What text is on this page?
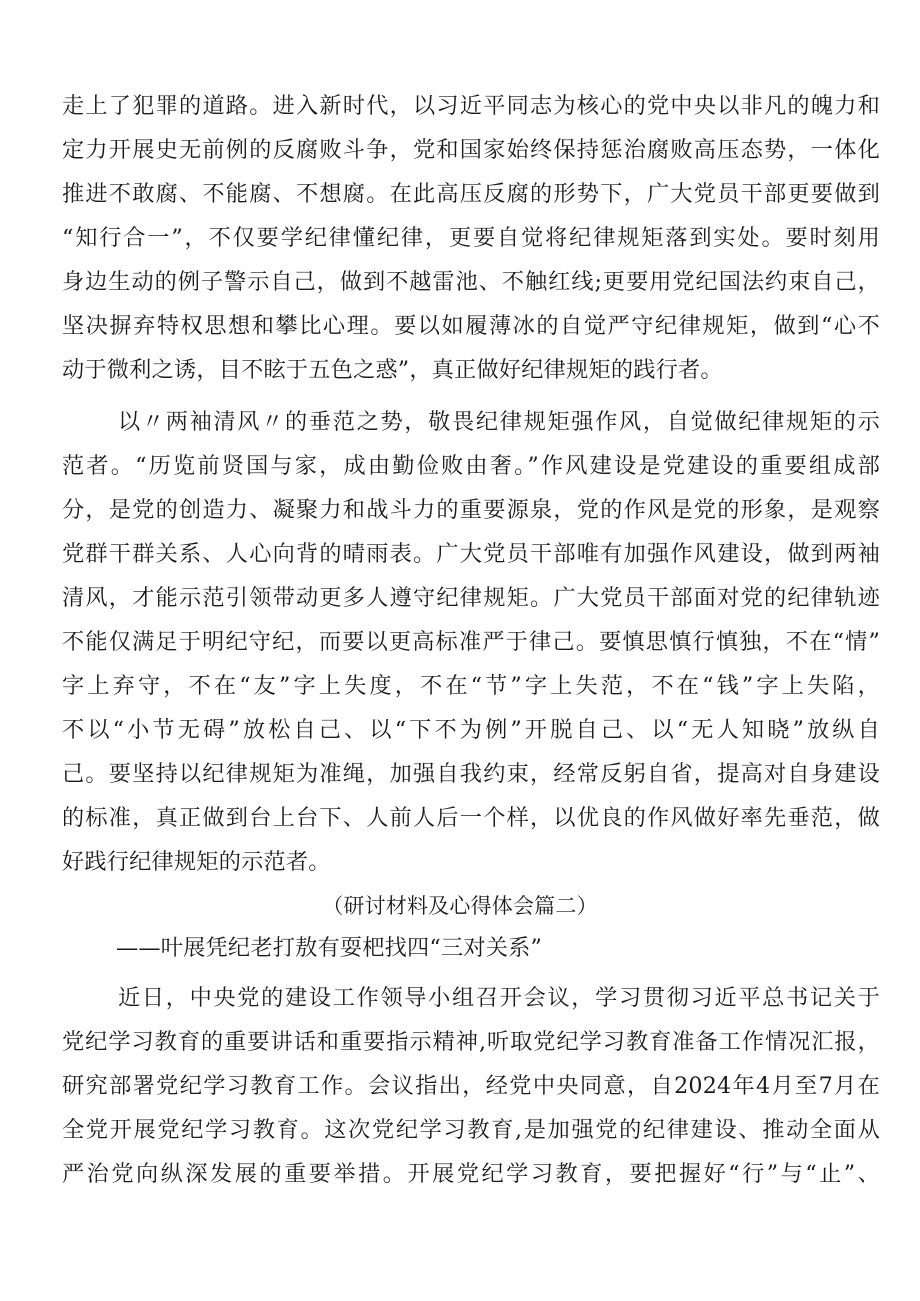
走上了犯罪的道路。进入新时代，以习近平同志为核心的党中央以非凡的魄力和
定力开展史无前例的反腐败斗争，党和国家始终保持惩治腐败高压态势，一体化
推进不敢腐、不能腐、不想腐。在此高压反腐的形势下，广大党员干部更要做到
“知行合一”，不仅要学纪律懂纪律，更要自觉将纪律规矩落到实处。要时刻用
身边生动的例子警示自己，做到不越雷池、不触红线;更要用党纪国法约束自己，
坚决摒弃特权思想和攀比心理。要以如履薄冰的自觉严守纪律规矩，做到“心不
动于微利之诱，目不眩于五色之惑”，真正做好纪律规矩的践行者。
以〃两袖清风〃的垂范之势，敬畏纪律规矩强作风，自觉做纪律规矩的示
范者。“历览前贤国与家，成由勤俭败由奢。”作风建设是党建设的重要组成部
分，是党的创造力、凝聚力和战斗力的重要源泉，党的作风是党的形象，是观察
党群干群关系、人心向背的晴雨表。广大党员干部唯有加强作风建设，做到两袖
清风，才能示范引领带动更多人遵守纪律规矩。广大党员干部面对党的纪律轨迹
不能仅满足于明纪守纪，而要以更高标准严于律己。要慎思慎行慎独，不在“情”
字上弃守，不在“友”字上失度，不在“节”字上失范，不在“钱”字上失陷，
不以“小节无碍”放松自己、以“下不为例”开脱自己、以“无人知晓”放纵自
己。要坚持以纪律规矩为准绳，加强自我约束，经常反躬自省，提高对自身建设
的标准，真正做到台上台下、人前人后一个样，以优良的作风做好率先垂范，做
好践行纪律规矩的示范者。
（研讨材料及心得体会篇二）
——叶展凭纪老打敖有耍杷找四“三对关系”
近日，中央党的建设工作领导小组召开会议，学习贯彻习近平总书记关于
党纪学习教育的重要讲话和重要指示精神,听取党纪学习教育准备工作情况汇报，
研究部署党纪学习教育工作。会议指出，经党中央同意，自2024年4月至7月在
全党开展党纪学习教育。这次党纪学习教育,是加强党的纪律建设、推动全面从
严治党向纵深发展的重要举措。开展党纪学习教育，要把握好“行”与“止”、
